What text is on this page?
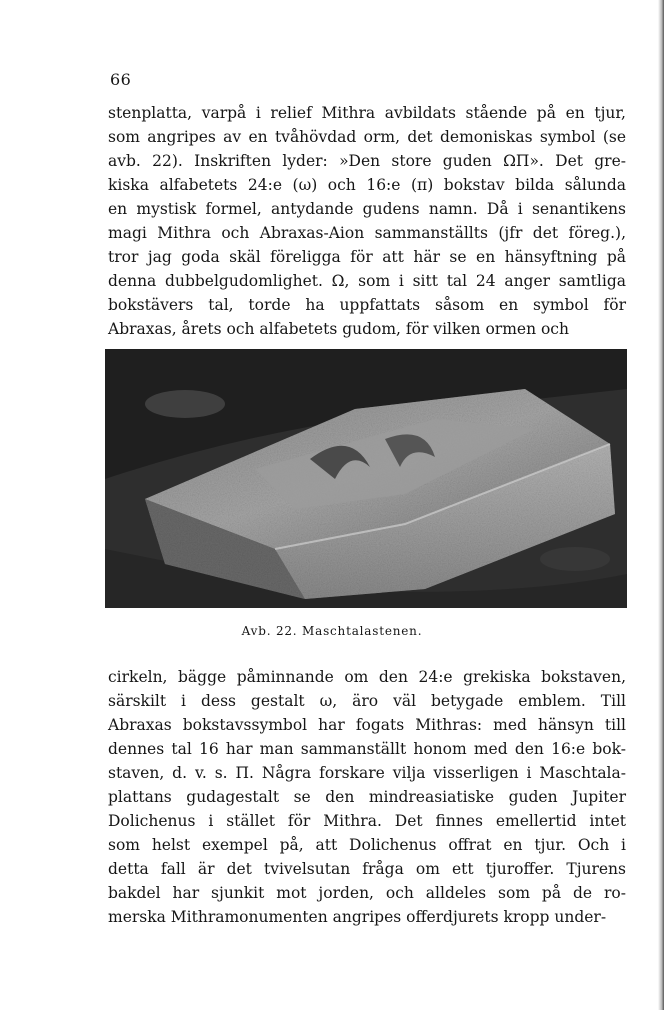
66
stenplatta, varpå i relief Mithra avbildats stående på en tjur,
som angripes av en tvåhövdad orm, det demoniskas symbol (se
avb. 22). Inskriften lyder: »Den store guden ΩΠ». Det gre-
kiska alfabetets 24:e (ω) och 16:e (π) bokstav bilda sålunda
en mystisk formel, antydande gudens namn. Då i senantikens
magi Mithra och Abraxas-Aion sammanställts (jfr det föreg.),
tror jag goda skäl föreligga för att här se en hänsyftning på
denna dubbelgudomlighet. Ω, som i sitt tal 24 anger samtliga
bokstävers tal, torde ha uppfattats såsom en symbol för
Abraxas, årets och alfabetets gudom, för vilken ormen och
Avb. 22. Maschtalastenen.
cirkeln, bägge påminnande om den 24:e grekiska bokstaven,
särskilt i dess gestalt ω, äro väl betygade emblem. Till
Abraxas bokstavssymbol har fogats Mithras: med hänsyn till
dennes tal 16 har man sammanställt honom med den 16:e bok-
staven, d. v. s. Π. Några forskare vilja visserligen i Maschtala-
plattans gudagestalt se den mindreasiatiske guden Jupiter
Dolichenus i stället för Mithra. Det finnes emellertid intet
som helst exempel på, att Dolichenus offrat en tjur. Och i
detta fall är det tvivelsutan fråga om ett tjuroffer. Tjurens
bakdel har sjunkit mot jorden, och alldeles som på de ro-
merska Mithramonumenten angripes offerdjurets kropp under-
